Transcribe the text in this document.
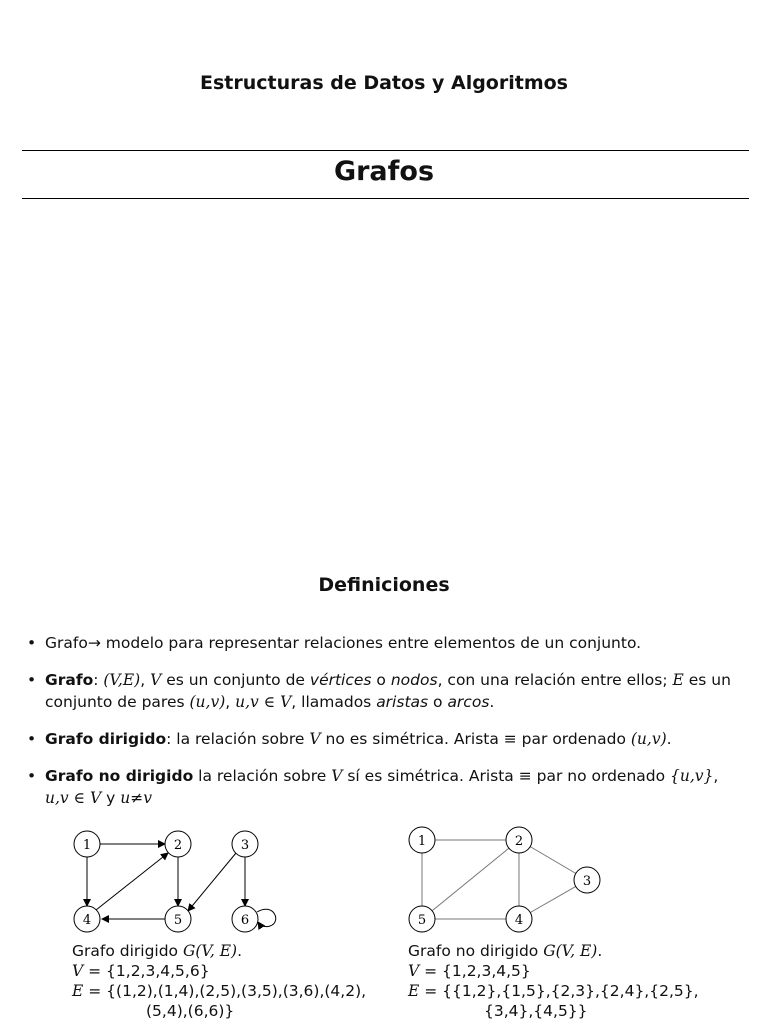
Estructuras de Datos y Algoritmos
Grafos
Definiciones
• Grafo→ modelo para representar relaciones entre elementos de un conjunto.
• Grafo: (V,E), V es un conjunto de vértices o nodos, con una relación entre ellos; E es un conjunto de pares (u,v), u,v ∈ V, llamados aristas o arcos.
• Grafo dirigido: la relación sobre V no es simétrica. Arista ≡ par ordenado (u,v).
• Grafo no dirigido la relación sobre V sí es simétrica. Arista ≡ par no ordenado {u,v},
u,v ∈ V y u≠v
1	2	3
4	5	6
Grafo dirigido G(V, E).
V = {1,2,3,4,5,6}
E = {(1,2),(1,4),(2,5),(3,5),(3,6),(4,2),
(5,4),(6,6)}
1	2
3
4
5
Grafo no dirigido G(V, E).
V = {1,2,3,4,5}
E = {{1,2},{1,5},{2,3},{2,4},{2,5},
{3,4},{4,5}}
